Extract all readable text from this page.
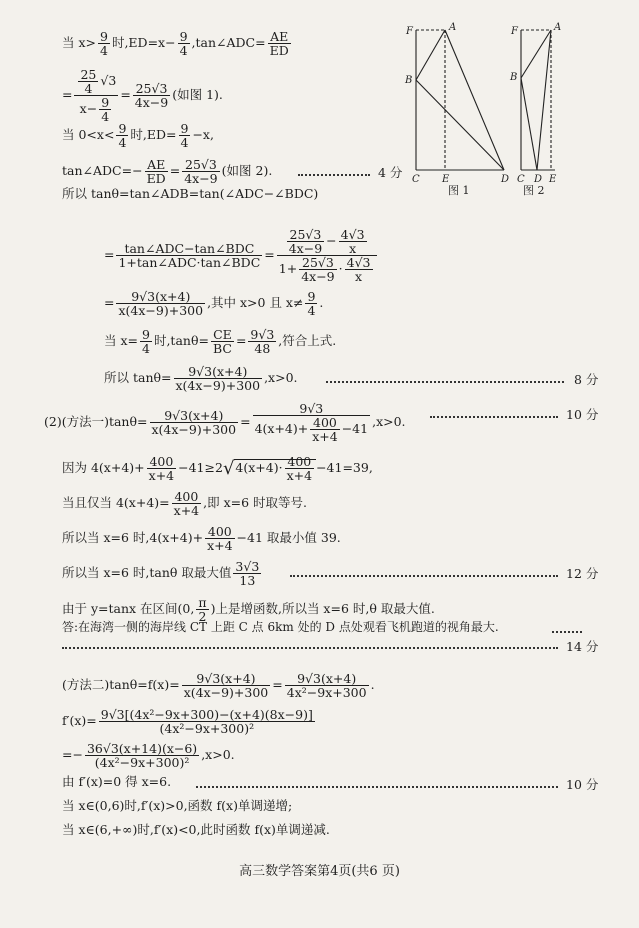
当 $x> \frac{9}{4}$ 时$,ED=x- \frac{9}{4}$ ,tan∠ADC= $\frac{AE}{ED}$
= $\frac{\frac{25}{4} √3}{x- \frac{9}{4}} = \frac{25√3}{4x-9}$ (如图 1).
当 $0<x< \frac{9}{4}$ 时$,ED= \frac{9}{4} -x$,
tan∠ADC=− $\frac{AE}{ED} = \frac{25√3}{4x-9}$ (如图 2).	4 分
所以 tanθ=tan∠ADB=tan(∠ADC−∠BDC)
= tan∠ADC−tan∠BDC
1+tan∠ADC·tan∠BDC
= $\frac{\frac{25√3}{4x-9} - \frac{4√3}{x}}{1+ \frac{25√3}{4x-9} \cdot \frac{4√3}{x}}$
= $\frac{9√3(x+4)}{x(4x-9)+300}$ ,其中 x>0 且 $x\ne \frac{9}{4}$ .
当 $x= \frac{9}{4}$ 时$,\tan\theta= \frac{CE}{BC} = \frac{9√3}{48}$ ,符合上式.
所以 $\tan\theta= \frac{9√3(x+4)}{x(4x-9)+300} ,x>0$.	8 分
(2)(方法一)$\tan\theta= \frac{9√3(x+4)}{x(4x-9)+300} = \frac{9√3}{4(x+4)+ \frac{400}{x+4} -41} ,x>0$.	10 分
因为 $4(x+4)+ \frac{400}{x+4} -41\ge 2√4(x+4)\cdot \frac{400}{x+4} -41=39$,
当且仅当 $4(x+4)= \frac{400}{x+4}$ ,即 x=6 时取等号.
所以当 x=6 时$,4(x+4)+ \frac{400}{x+4} -41$ 取最小值 39.
所以当 x=6 时,tanθ 取最大值 $\frac{3√3}{13}$	12 分
由于 y=tanx 在区间(0, $\frac{\pi}{2}$ )上是增函数,所以当 x=6 时,θ 取最大值.
答:在海湾一侧的海岸线 CT 上距 C 点 6km 处的 D 点处观看飞机跑道的视角最大.
14 分
(方法二)$\tan\theta=f(x)= \frac{9√3(x+4)}{x(4x-9)+300} = \frac{9√3(x+4)}{\text{4x²−9x+300}}$ .
$f'(x)= \frac{\text{9√3[(4x²−9x+300)−(x+4)(8x−9)]}}{\text{(4x²−9x+300)²}}$
=− $\frac{36√3(x+14)(x-6)}{\text{(4x²−9x+300)²}} ,x>0$.
由 f′(x)=0 得 x=6.	10 分
当 x∈(0,6)时,f′(x)>0,函数 f(x)单调递增;
当 x∈(6,+∞)时,f′(x)<0,此时函数 f(x)单调递减.
高三数学答案第4页(共6 页)
F	A
B
C E	D
图 1
F	A
B
C D E
图 2
